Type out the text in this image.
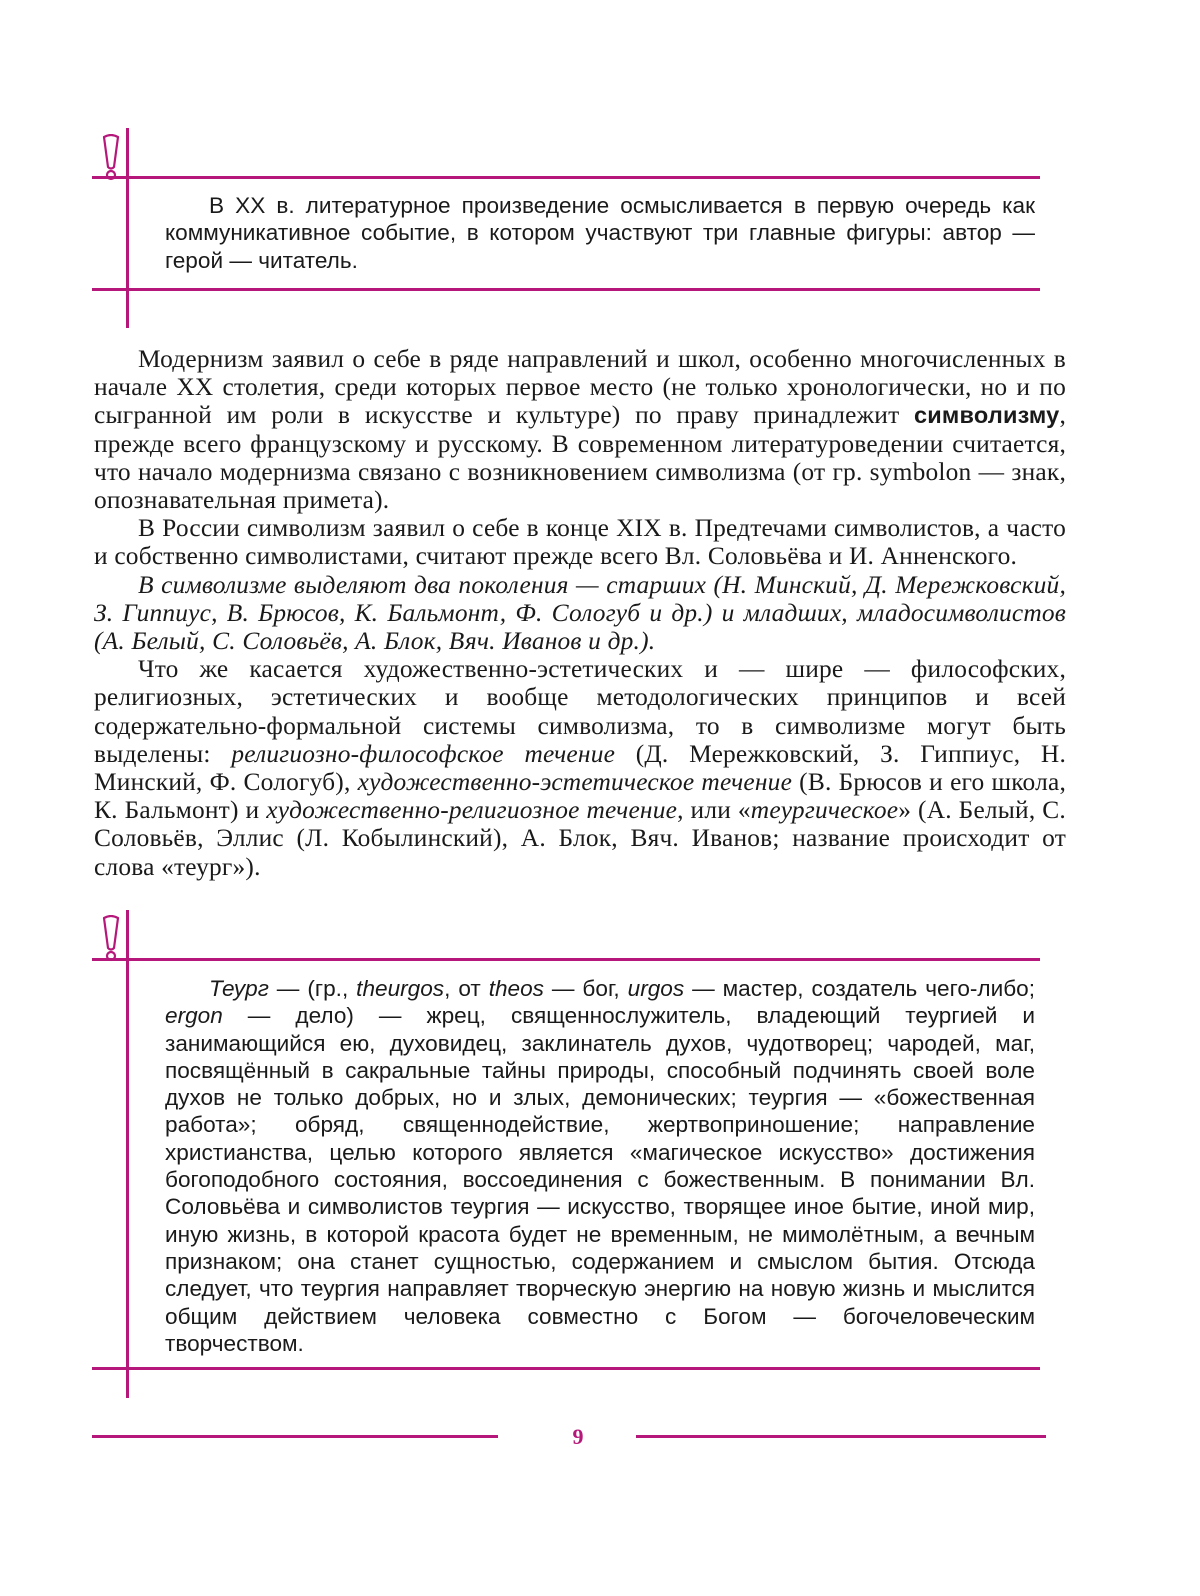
В XX в. литературное произведение осмысливается в первую очередь как коммуникативное событие, в котором участвуют три главные фигуры: автор — герой — читатель.

Модернизм заявил о себе в ряде направлений и школ, особенно многочисленных в начале XX столетия, среди которых первое место (не только хронологически, но и по сыгранной им роли в искусстве и культуре) по праву принадлежит символизму, прежде всего французскому и русскому. В современном литературоведении считается, что начало модернизма связано с возникновением символизма (от гр. symbolon — знак, опознавательная примета).

В России символизм заявил о себе в конце XIX в. Предтечами символистов, а часто и собственно символистами, считают прежде всего Вл. Соловьёва и И. Анненского.

В символизме выделяют два поколения — старших (Н. Минский, Д. Мережковский, З. Гиппиус, В. Брюсов, К. Бальмонт, Ф. Сологуб и др.) и младших, младосимволистов (А. Белый, С. Соловьёв, А. Блок, Вяч. Иванов и др.).

Что же касается художественно-эстетических и — шире — философских, религиозных, эстетических и вообще методологических принципов и всей содержательно-формальной системы символизма, то в символизме могут быть выделены: религиозно-философское течение (Д. Мережковский, З. Гиппиус, Н. Минский, Ф. Сологуб), художественно-эстетическое течение (В. Брюсов и его школа, К. Бальмонт) и художественно-религиозное течение, или «теургическое» (А. Белый, С. Соловьёв, Эллис (Л. Кобылинский), А. Блок, Вяч. Иванов; название происходит от слова «теург»).

Теург — (гр., theurgos, от theos — бог, urgos — мастер, создатель чего-либо; ergon — дело) — жрец, священнослужитель, владеющий теургией и занимающийся ею, духовидец, заклинатель духов, чудотворец; чародей, маг, посвящённый в сакральные тайны природы, способный подчинять своей воле духов не только добрых, но и злых, демонических; теургия — «божественная работа»; обряд, священнодействие, жертвоприношение; направление христианства, целью которого является «магическое искусство» достижения богоподобного состояния, воссоединения с божественным. В понимании Вл. Соловьёва и символистов теургия — искусство, творящее иное бытие, иной мир, иную жизнь, в которой красота будет не временным, не мимолётным, а вечным признаком; она станет сущностью, содержанием и смыслом бытия. Отсюда следует, что теургия направляет творческую энергию на новую жизнь и мыслится общим действием человека совместно с Богом — богочеловеческим творчеством.

9
